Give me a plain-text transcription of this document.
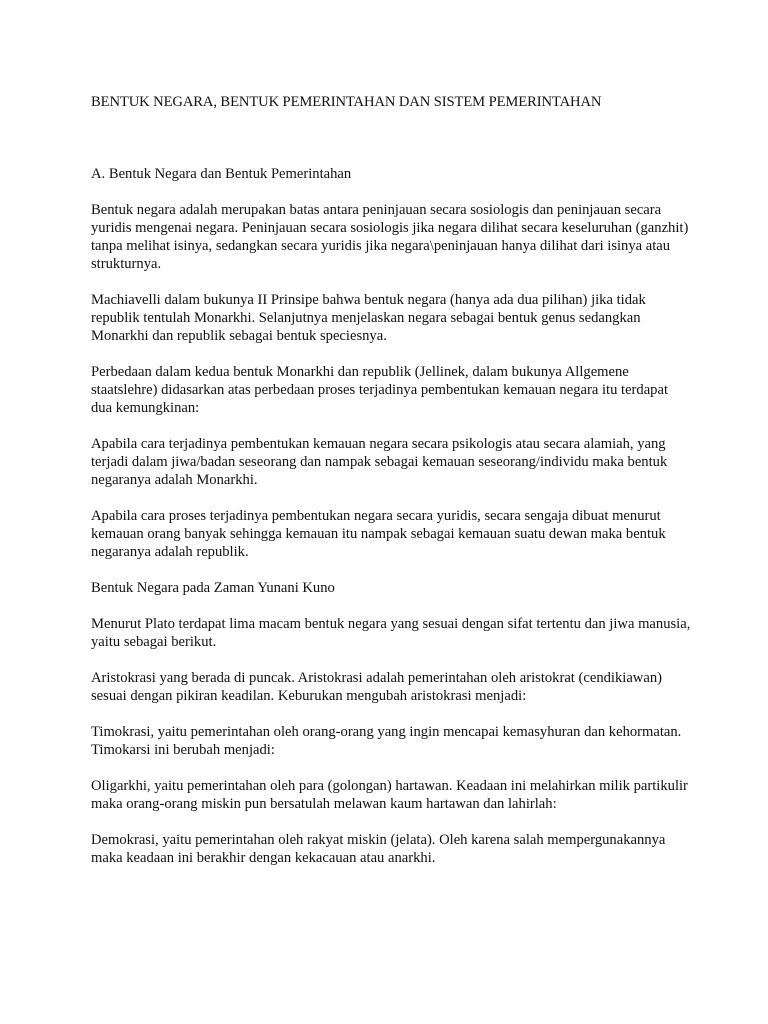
BENTUK NEGARA, BENTUK PEMERINTAHAN DAN SISTEM PEMERINTAHAN
A. Bentuk Negara dan Bentuk Pemerintahan

Bentuk negara adalah merupakan batas antara peninjauan secara sosiologis dan peninjauan secara yuridis mengenai negara. Peninjauan secara sosiologis jika negara dilihat secara keseluruhan (ganzhit) tanpa melihat isinya, sedangkan secara yuridis jika negara\peninjauan hanya dilihat dari isinya atau strukturnya.

Machiavelli dalam bukunya II Prinsipe bahwa bentuk negara (hanya ada dua pilihan) jika tidak republik tentulah Monarkhi. Selanjutnya menjelaskan negara sebagai bentuk genus sedangkan Monarkhi dan republik sebagai bentuk speciesnya.

Perbedaan dalam kedua bentuk Monarkhi dan republik (Jellinek, dalam bukunya Allgemene staatslehre) didasarkan atas perbedaan proses terjadinya pembentukan kemauan negara itu terdapat dua kemungkinan:

Apabila cara terjadinya pembentukan kemauan negara secara psikologis atau secara alamiah, yang terjadi dalam jiwa/badan seseorang dan nampak sebagai kemauan seseorang/individu maka bentuk negaranya adalah Monarkhi.

Apabila cara proses terjadinya pembentukan negara secara yuridis, secara sengaja dibuat menurut kemauan orang banyak sehingga kemauan itu nampak sebagai kemauan suatu dewan maka bentuk negaranya adalah republik.

Bentuk Negara pada Zaman Yunani Kuno

Menurut Plato terdapat lima macam bentuk negara yang sesuai dengan sifat tertentu dan jiwa manusia, yaitu sebagai berikut.

Aristokrasi yang berada di puncak. Aristokrasi adalah pemerintahan oleh aristokrat (cendikiawan) sesuai dengan pikiran keadilan. Keburukan mengubah aristokrasi menjadi:

Timokrasi, yaitu pemerintahan oleh orang-orang yang ingin mencapai kemasyhuran dan kehormatan. Timokarsi ini berubah menjadi:

Oligarkhi, yaitu pemerintahan oleh para (golongan) hartawan. Keadaan ini melahirkan milik partikulir maka orang-orang miskin pun bersatulah melawan kaum hartawan dan lahirlah:

Demokrasi, yaitu pemerintahan oleh rakyat miskin (jelata). Oleh karena salah mempergunakannya maka keadaan ini berakhir dengan kekacauan atau anarkhi.
